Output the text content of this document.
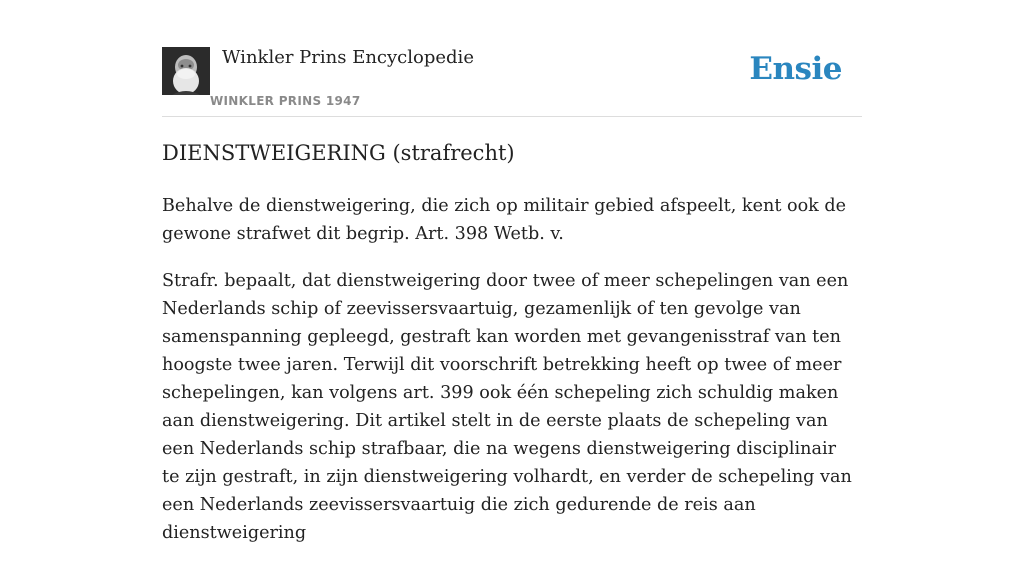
Winkler Prins Encyclopedie
WINKLER PRINS 1947
Ensie
DIENSTWEIGERING (strafrecht)

Behalve de dienstweigering, die zich op militair gebied afspeelt, kent ook de gewone strafwet dit begrip. Art. 398 Wetb. v.

Strafr. bepaalt, dat dienstweigering door twee of meer schepelingen van een Nederlands schip of zeevissersvaartuig, gezamenlijk of ten gevolge van samenspanning gepleegd, gestraft kan worden met gevangenisstraf van ten hoogste twee jaren. Terwijl dit voorschrift betrekking heeft op twee of meer schepelingen, kan volgens art. 399 ook één schepeling zich schuldig maken aan dienstweigering. Dit artikel stelt in de eerste plaats de schepeling van een Nederlands schip strafbaar, die na wegens dienstweigering disciplinair te zijn gestraft, in zijn dienstweigering volhardt, en verder de schepeling van een Nederlands zeevissersvaartuig die zich gedurende de reis aan dienstweigering
